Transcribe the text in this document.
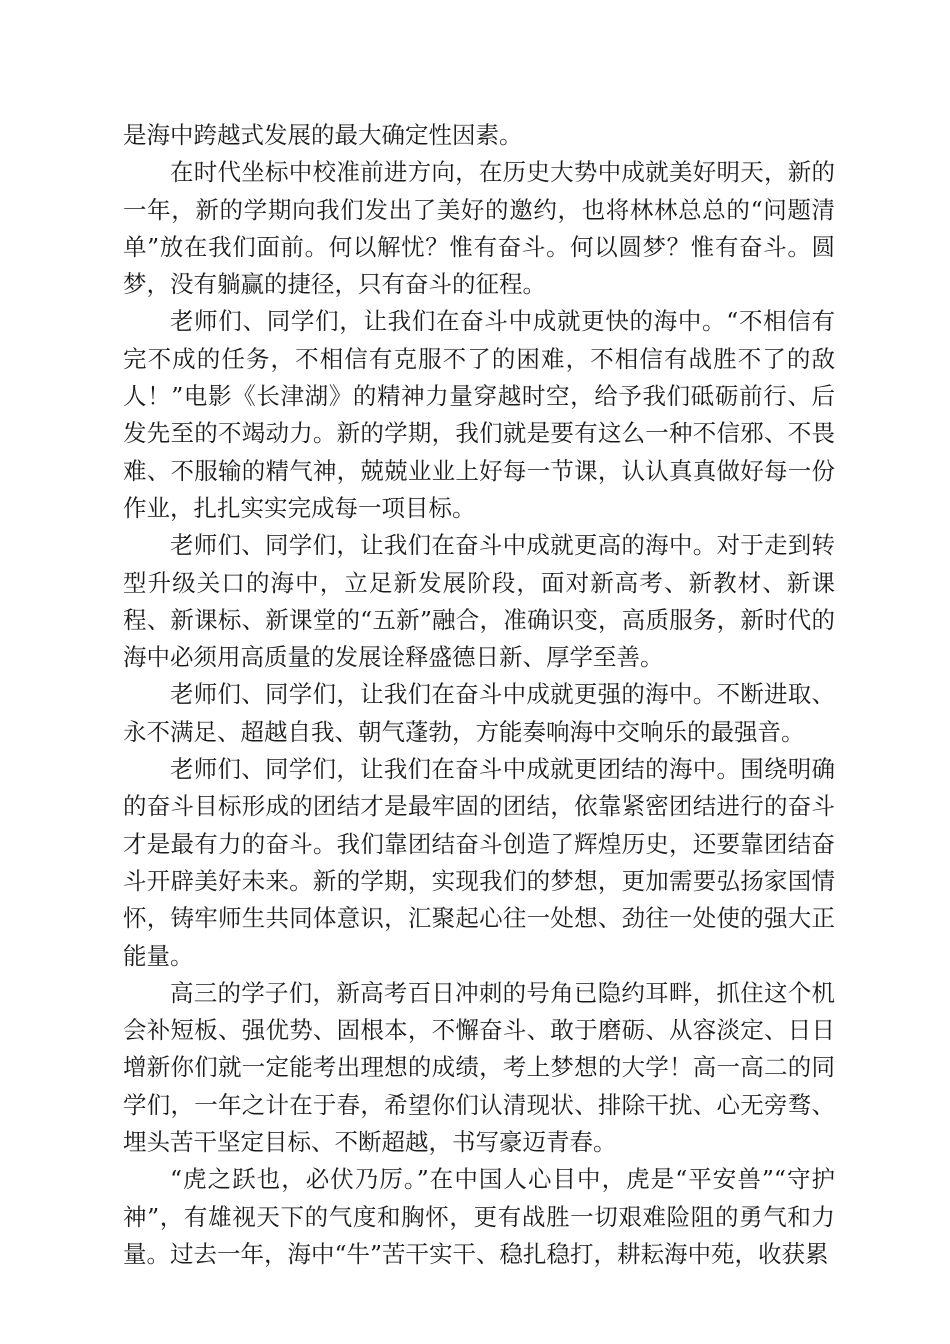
是海中跨越式发展的最大确定性因素。

在时代坐标中校准前进方向，在历史大势中成就美好明天，新的一年，新的学期向我们发出了美好的邀约，也将林林总总的“问题清单”放在我们面前。何以解忧？惟有奋斗。何以圆梦？惟有奋斗。圆梦，没有躺赢的捷径，只有奋斗的征程。

老师们、同学们，让我们在奋斗中成就更快的海中。“不相信有完不成的任务，不相信有克服不了的困难，不相信有战胜不了的敌人！”电影《长津湖》的精神力量穿越时空，给予我们砥砺前行、后发先至的不竭动力。新的学期，我们就是要有这么一种不信邪、不畏难、不服输的精气神，兢兢业业上好每一节课，认认真真做好每一份作业，扎扎实实完成每一项目标。

老师们、同学们，让我们在奋斗中成就更高的海中。对于走到转型升级关口的海中，立足新发展阶段，面对新高考、新教材、新课程、新课标、新课堂的“五新”融合，准确识变，高质服务，新时代的海中必须用高质量的发展诠释盛德日新、厚学至善。

老师们、同学们，让我们在奋斗中成就更强的海中。不断进取、永不满足、超越自我、朝气蓬勃，方能奏响海中交响乐的最强音。

老师们、同学们，让我们在奋斗中成就更团结的海中。围绕明确的奋斗目标形成的团结才是最牢固的团结，依靠紧密团结进行的奋斗才是最有力的奋斗。我们靠团结奋斗创造了辉煌历史，还要靠团结奋斗开辟美好未来。新的学期，实现我们的梦想，更加需要弘扬家国情怀，铸牢师生共同体意识，汇聚起心往一处想、劲往一处使的强大正能量。

高三的学子们，新高考百日冲刺的号角已隐约耳畔，抓住这个机会补短板、强优势、固根本，不懈奋斗、敢于磨砺、从容淡定、日日增新你们就一定能考出理想的成绩，考上梦想的大学！高一高二的同学们，一年之计在于春，希望你们认清现状、排除干扰、心无旁骛、埋头苦干坚定目标、不断超越，书写豪迈青春。

“虎之跃也，必伏乃厉。”在中国人心目中，虎是“平安兽”“守护神”，有雄视天下的气度和胸怀，更有战胜一切艰难险阻的勇气和力量。过去一年，海中“牛”苦干实干、稳扎稳打，耕耘海中苑，收获累
